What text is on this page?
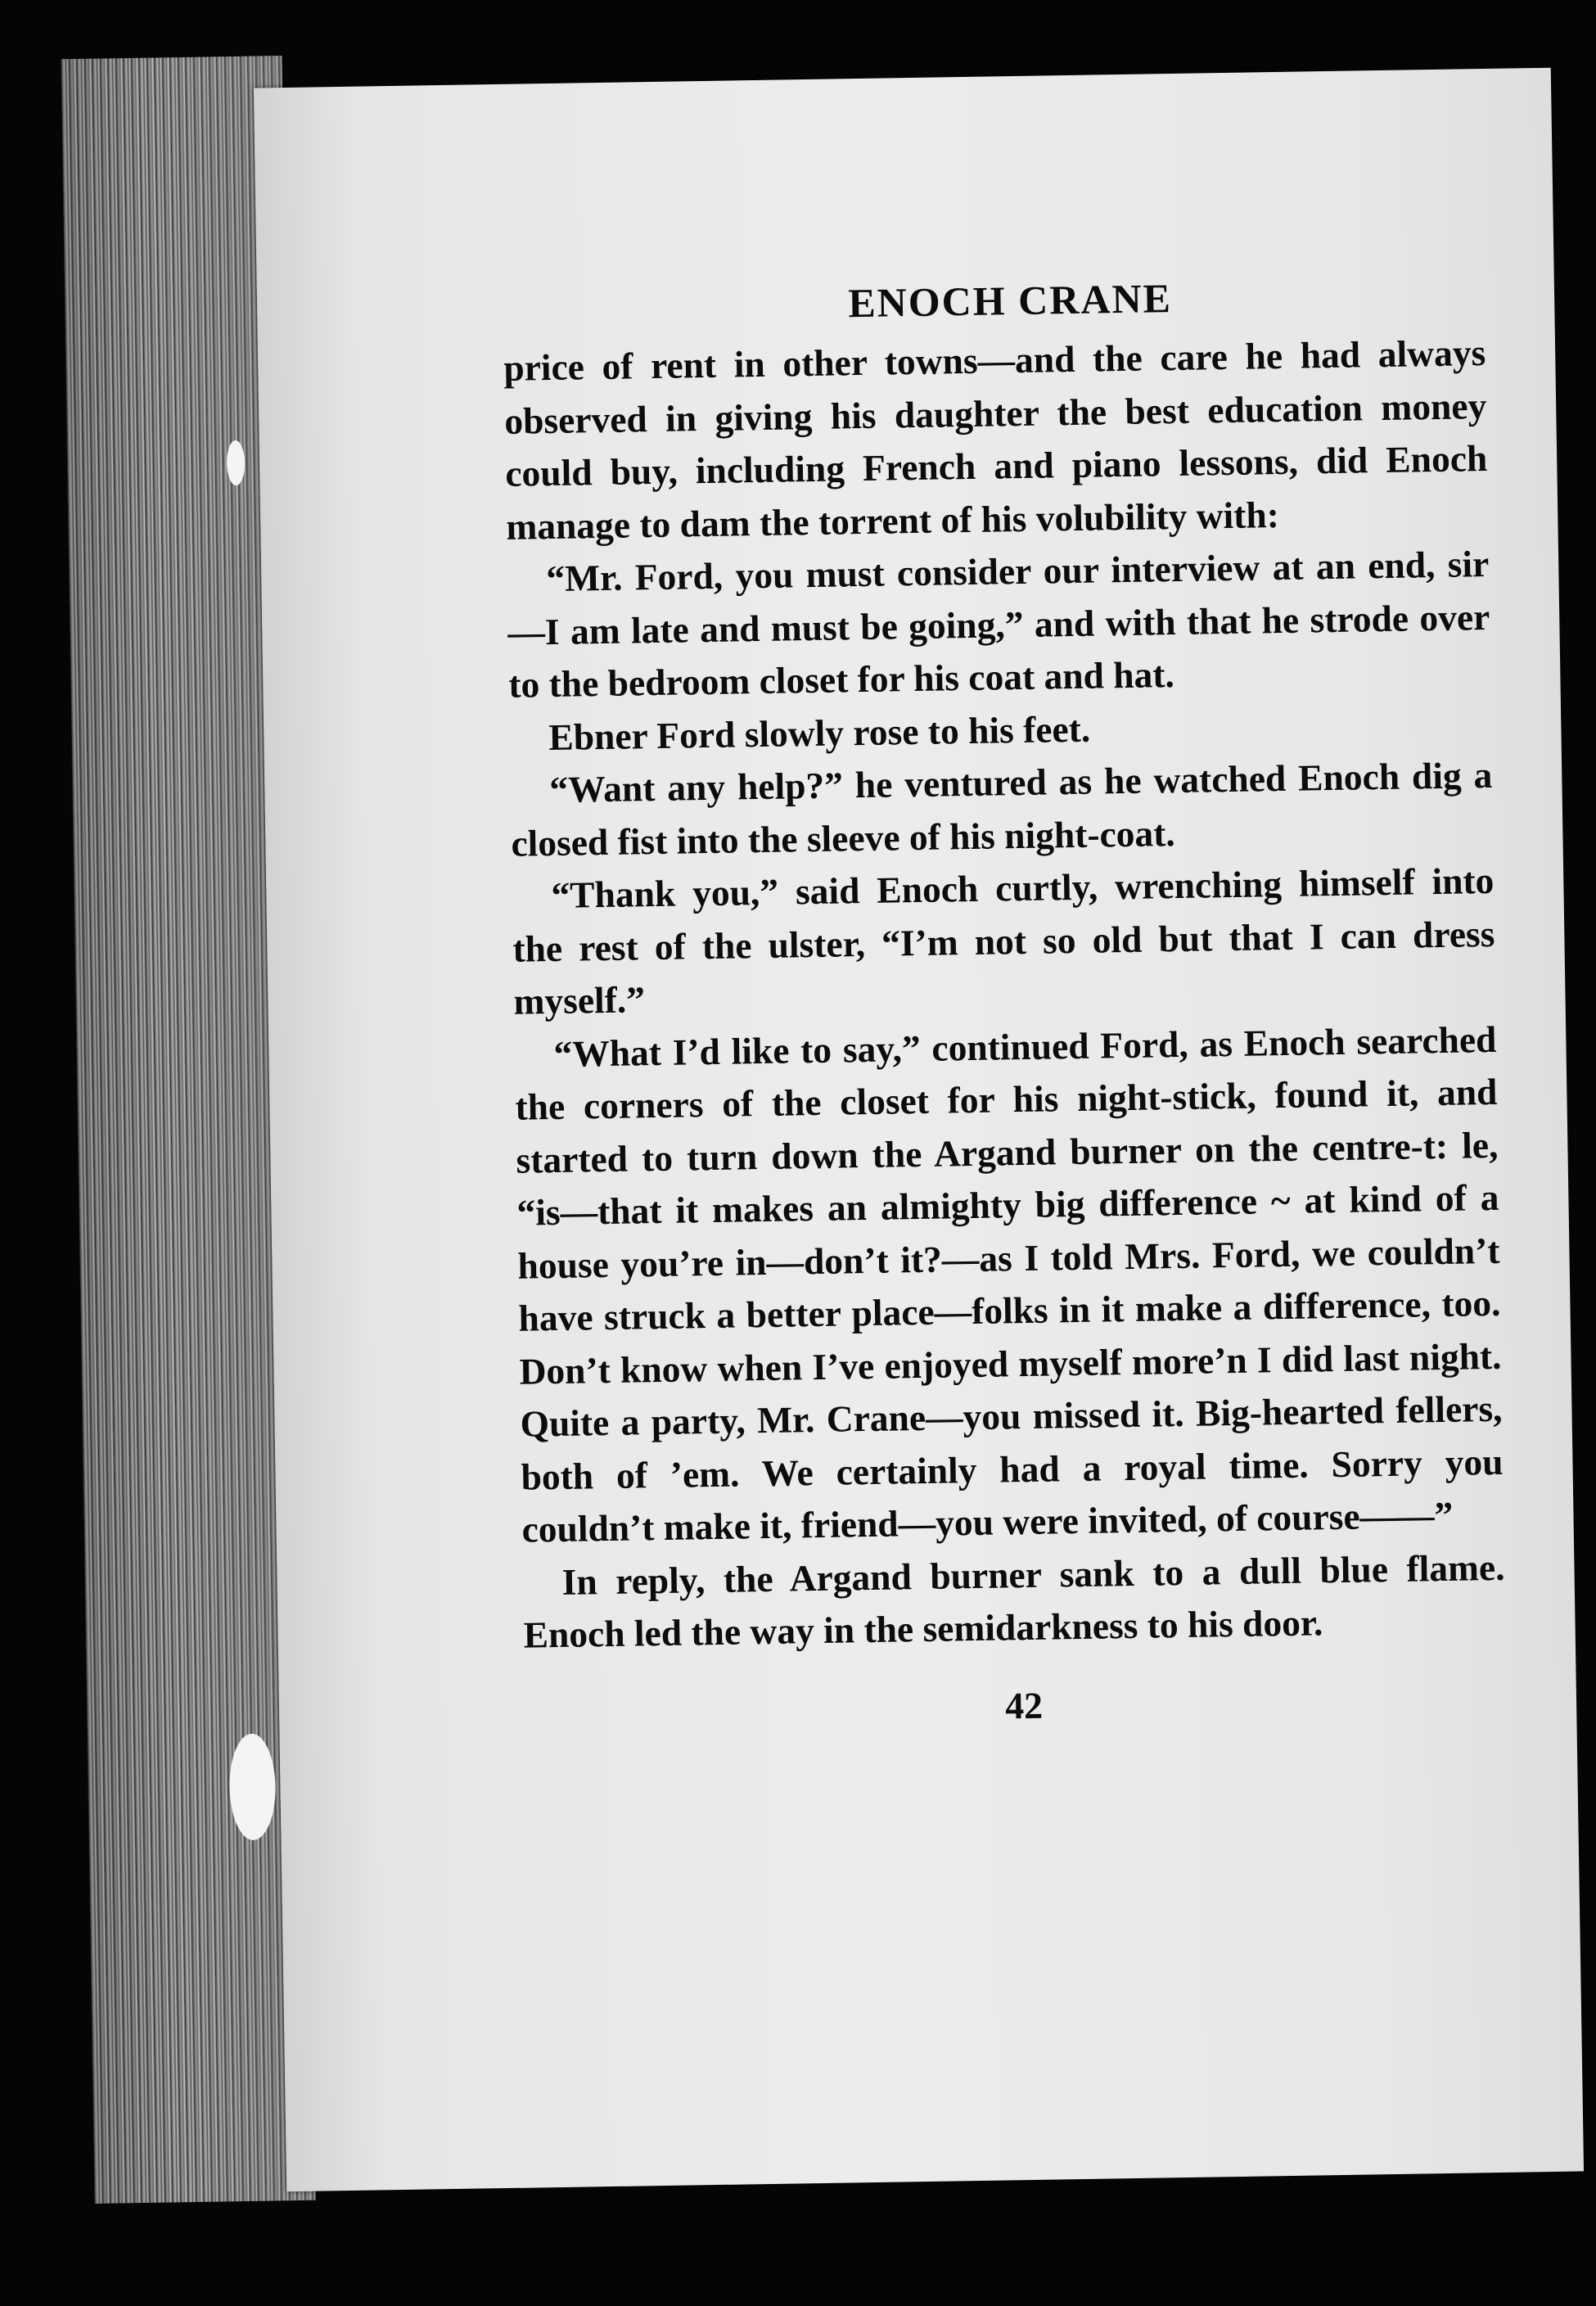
ENOCH CRANE

price of rent in other towns—and the care he had always observed in giving his daughter the best education money could buy, including French and piano lessons, did Enoch manage to dam the torrent of his volubility with:

“Mr. Ford, you must consider our interview at an end, sir—I am late and must be going,” and with that he strode over to the bedroom closet for his coat and hat.

Ebner Ford slowly rose to his feet.

“Want any help?” he ventured as he watched Enoch dig a closed fist into the sleeve of his night-coat.

“Thank you,” said Enoch curtly, wrenching himself into the rest of the ulster, “I’m not so old but that I can dress myself.”

“What I’d like to say,” continued Ford, as Enoch searched the corners of the closet for his night-stick, found it, and started to turn down the Argand burner on the centre-t: le, “is—that it makes an almighty big difference ~ at kind of a house you’re in—don’t it?—as I told Mrs. Ford, we couldn’t have struck a better place—folks in it make a difference, too. Don’t know when I’ve enjoyed myself more’n I did last night. Quite a party, Mr. Crane—you missed it. Big-hearted fellers, both of ’em. We certainly had a royal time. Sorry you couldn’t make it, friend—you were invited, of course——”

In reply, the Argand burner sank to a dull blue flame. Enoch led the way in the semidarkness to his door.

42
